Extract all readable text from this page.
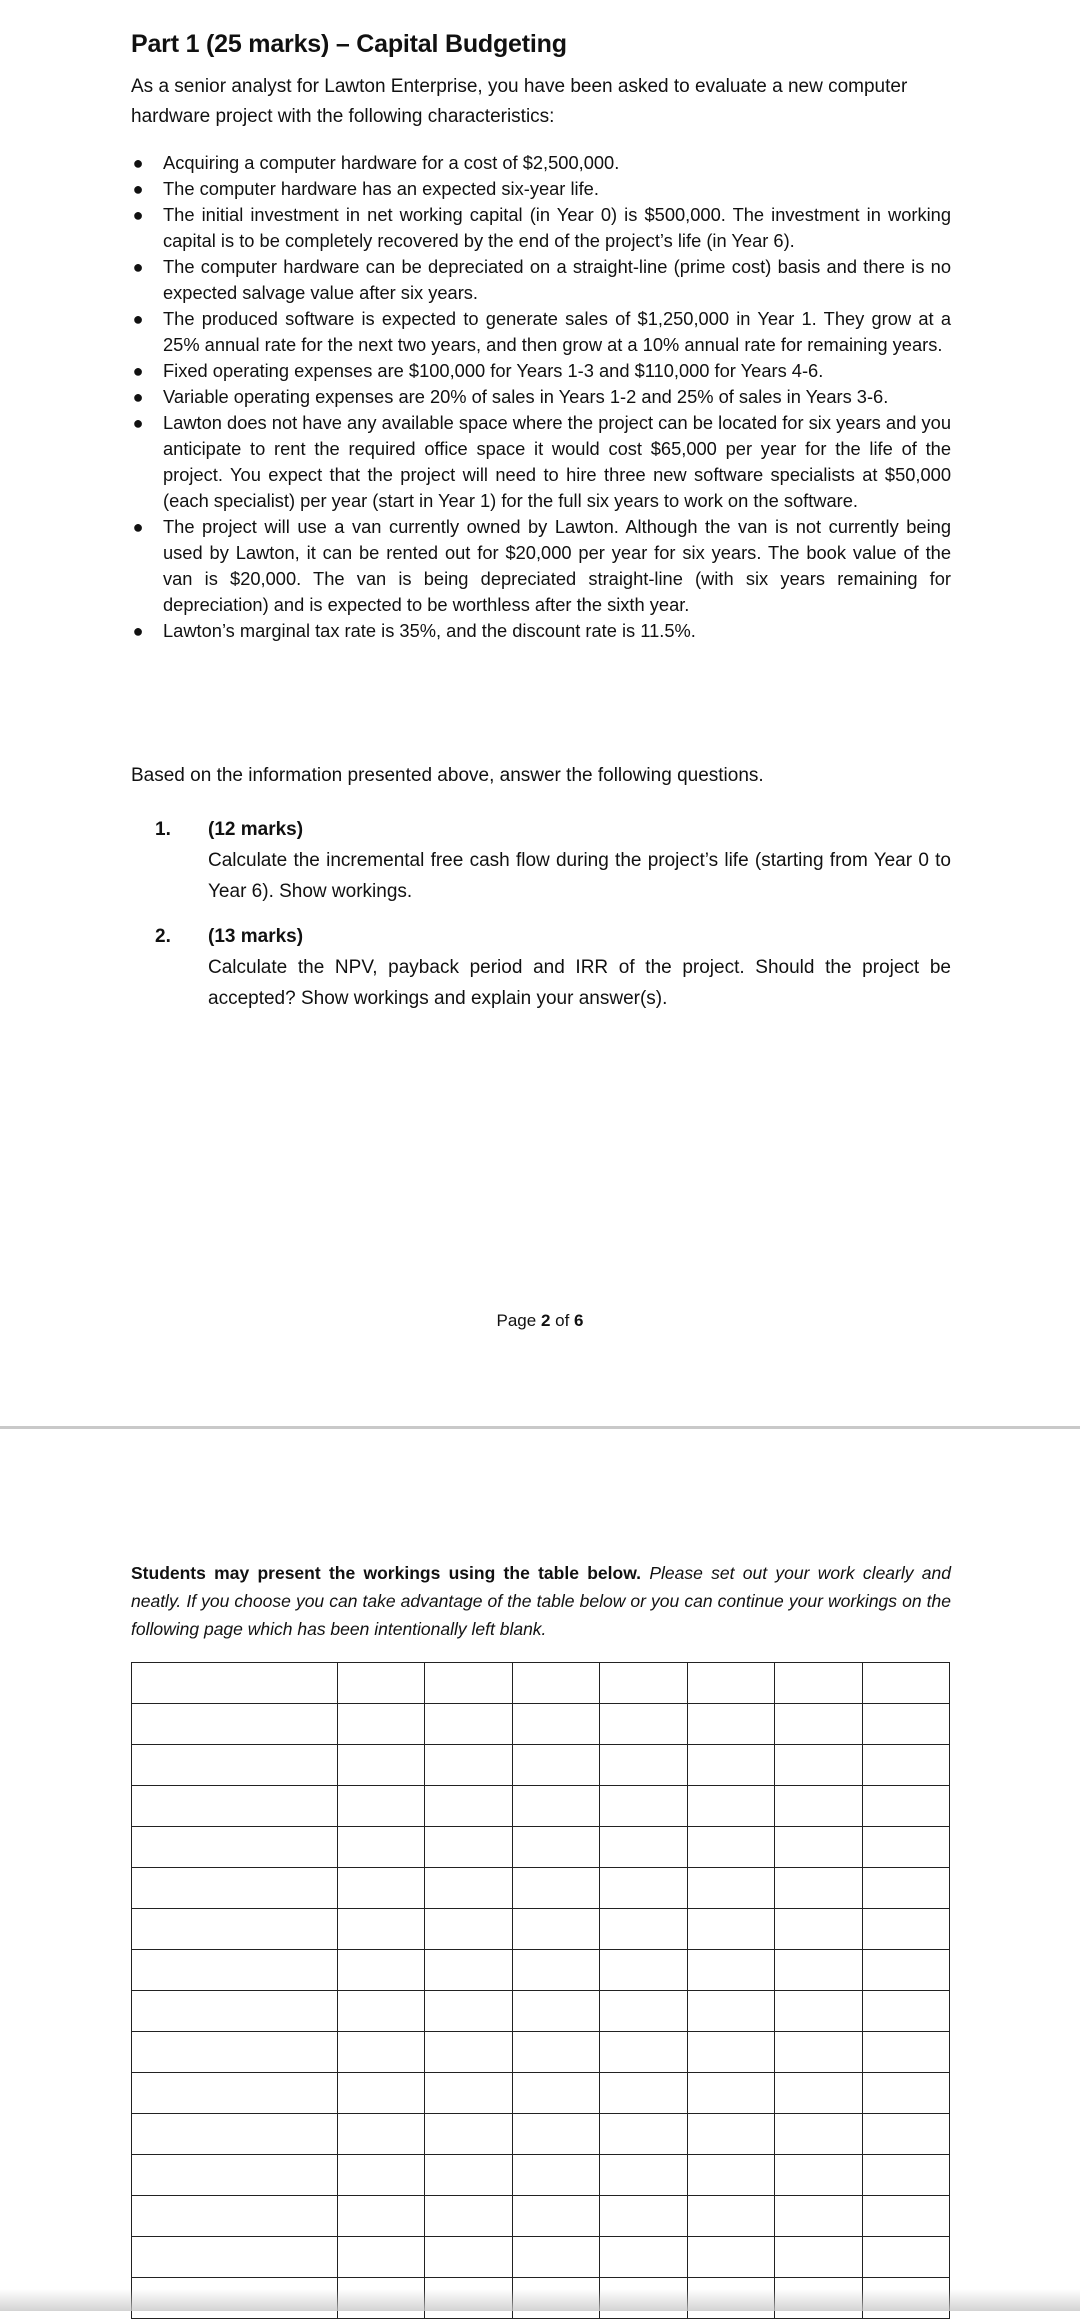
Part 1 (25 marks) – Capital Budgeting

As a senior analyst for Lawton Enterprise, you have been asked to evaluate a new computer hardware project with the following characteristics:

● Acquiring a computer hardware for a cost of $2,500,000.
● The computer hardware has an expected six-year life.
● The initial investment in net working capital (in Year 0) is $500,000. The investment in working capital is to be completely recovered by the end of the project’s life (in Year 6).
● The computer hardware can be depreciated on a straight-line (prime cost) basis and there is no expected salvage value after six years.
● The produced software is expected to generate sales of $1,250,000 in Year 1. They grow at a 25% annual rate for the next two years, and then grow at a 10% annual rate for remaining years.
● Fixed operating expenses are $100,000 for Years 1-3 and $110,000 for Years 4-6.
● Variable operating expenses are 20% of sales in Years 1-2 and 25% of sales in Years 3-6.
● Lawton does not have any available space where the project can be located for six years and you anticipate to rent the required office space it would cost $65,000 per year for the life of the project. You expect that the project will need to hire three new software specialists at $50,000 (each specialist) per year (start in Year 1) for the full six years to work on the software.
● The project will use a van currently owned by Lawton. Although the van is not currently being used by Lawton, it can be rented out for $20,000 per year for six years. The book value of the van is $20,000. The van is being depreciated straight-line (with six years remaining for depreciation) and is expected to be worthless after the sixth year.
● Lawton’s marginal tax rate is 35%, and the discount rate is 11.5%.

Based on the information presented above, answer the following questions.

1. (12 marks)
Calculate the incremental free cash flow during the project’s life (starting from Year 0 to Year 6). Show workings.
2. (13 marks)
Calculate the NPV, payback period and IRR of the project. Should the project be accepted? Show workings and explain your answer(s).
Page 2 of 6

Students may present the workings using the table below. Please set out your work clearly and neatly. If you choose you can take advantage of the table below or you can continue your workings on the following page which has been intentionally left blank.
